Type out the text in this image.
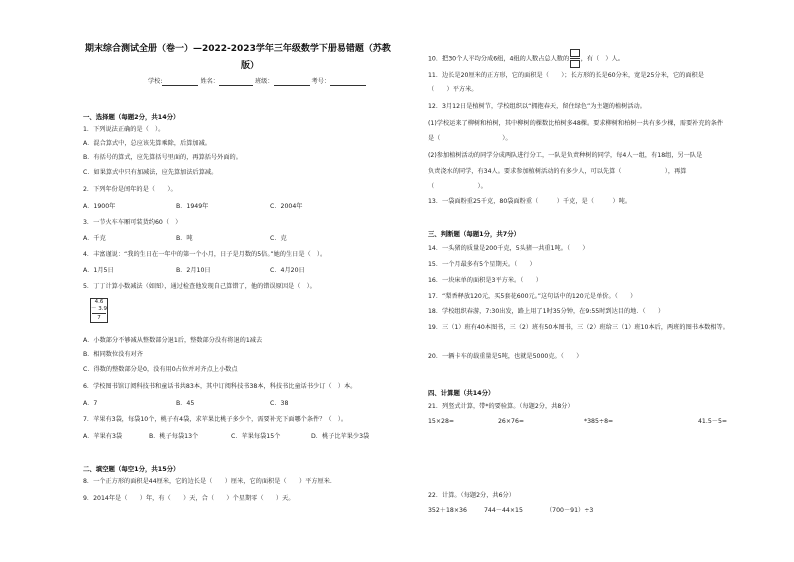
期末综合测试全册（卷一）—2022-2023学年三年级数学下册易错题（苏教
版）
学校:	姓名：	班级：	考号：
一、选择题（每题2分，共14分）
1．下列说法正确的是（　）。
A．混合算式中，总应该先算乘除，后算加减。
B．有括号的算式，应先算括号里面的，再算括号外面的。
C．如果算式中只有加减法，应先算加法后算减。
2．下列年份是闰年的是（　　）。
A．1900年	B．1949年	C．2004年
3．一节火车车厢可装货约60（　）
A．千克	B．吨	C．克
4．丰富谨说：“我的生日在一年中的第一个小月，日子是月数的5倍。”她的生日是（　）。
A．1月5日	B．2月10日	C．4月20日
5．丁丁计算小数减法（如图），通过检查他发现自己算错了，他的错误原因是（　）。
4.6
－ 3.9
7
A．小数部分不够减从整数部分退1后，整数部分没有将退的1减去
B．相同数位没有对齐
C．得数的整数部分是0，没有用0占位并对齐点上小数点
6．学校图书馆订阅科技书和童话书共83本，其中订阅科技书38本，科技书比童话书少订（　）本。
A．7	B．45	C．38
7．苹果有3袋，每袋10个，桃子有4袋，求苹果比桃子多少个，需要补充下面哪个条件？（　）。
A．苹果有3袋	B．桃子每袋13个	C．苹果每袋15个	D．桃子比苹果少3袋
二、填空题（每空1分，共15分）
8．一个正方形的面积是44厘米，它的边长是（　　）厘米，它的面积是（　　）平方厘米．
9．2014年是（　　）年，有（　　）天，合（　　）个星期零（　　）天。
10．把30个人平均分成6组，4组的人数占总人数的

  ，有（　）人。
11．边长是20厘米的正方形，它的面积是（　　）；长方形的长是60分米，宽是25分米，它的面积是
（　　）平方米。
12．3月12日是植树节，学校组织以“拥抱春天，留住绿色”为主题的植树活动。
(1)学校运来了柳树和柏树，其中柳树的棵数比柏树多48棵。要求柳树和柏树一共有多少棵，需要补充的条件
是（　　　　　　　　　　）。
(2)参加植树活动的同学分成两队进行分工，一队是负责种树的同学，每4人一组，有18组，另一队是
负责浇水的同学，有34人。要求参加植树活动的有多少人，可以先算（　　　　　　　），再算
（　　　　　　　）。
13．一袋面粉重25千克，80袋面粉重（　　　）千克，是（　　　）吨。
三、判断题（每题1分，共7分）
14．一头猪的质量是200千克，5头猪一共重1吨。（　　）
15．一个月最多有5个星期天。（　　）
16．一块床单的面积是3平方米。（　　）
17．“梨香释放120元，买5套花600元。”这句话中的120元是单价。（　　）
18．学校组织春游，7:30出发，路上用了1时35分钟，在9:55时到达目的地．（　　）
19．三（1）班有40本图书，三（2）班有50本图书，三（2）班给三（1）班10本后，两班的图书本数相等。
20．一辆卡车的载重量是5吨，也就是5000克。（　　）
四、计算题（共14分）
21．列竖式计算，带*的要验算。（每题2分，共8分）
15×28=	26×76=	*385÷8=	41.5－5=
22．计算。（每题2分，共6分）
352＋18×36	744－44×15	（700－91）÷3
